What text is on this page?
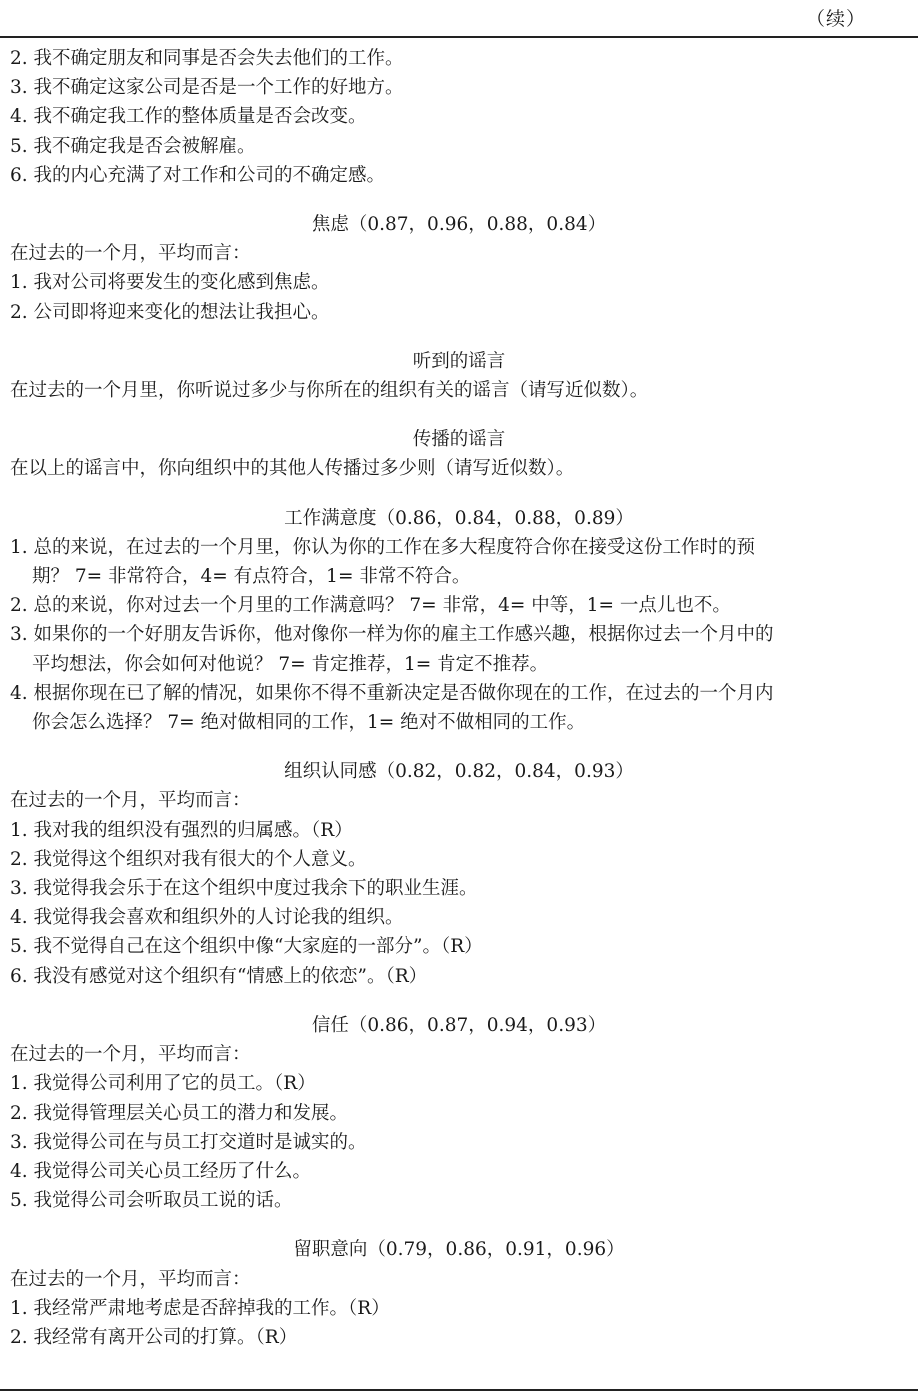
（续）
2. 我不确定朋友和同事是否会失去他们的工作。
3. 我不确定这家公司是否是一个工作的好地方。
4. 我不确定我工作的整体质量是否会改变。
5. 我不确定我是否会被解雇。
6. 我的内心充满了对工作和公司的不确定感。
焦虑（0.87，0.96，0.88，0.84）
在过去的一个月，平均而言：
1. 我对公司将要发生的变化感到焦虑。
2. 公司即将迎来变化的想法让我担心。
听到的谣言
在过去的一个月里，你听说过多少与你所在的组织有关的谣言（请写近似数）。
传播的谣言
在以上的谣言中，你向组织中的其他人传播过多少则（请写近似数）。
工作满意度（0.86，0.84，0.88，0.89）
1. 总的来说，在过去的一个月里，你认为你的工作在多大程度符合你在接受这份工作时的预
期？ 7= 非常符合，4= 有点符合，1= 非常不符合。
2. 总的来说，你对过去一个月里的工作满意吗？ 7= 非常，4= 中等，1= 一点儿也不。
3. 如果你的一个好朋友告诉你，他对像你一样为你的雇主工作感兴趣，根据你过去一个月中的
平均想法，你会如何对他说？ 7= 肯定推荐，1= 肯定不推荐。
4. 根据你现在已了解的情况，如果你不得不重新决定是否做你现在的工作，在过去的一个月内
你会怎么选择？ 7= 绝对做相同的工作，1= 绝对不做相同的工作。
组织认同感（0.82，0.82，0.84，0.93）
在过去的一个月，平均而言：
1. 我对我的组织没有强烈的归属感。（R）
2. 我觉得这个组织对我有很大的个人意义。
3. 我觉得我会乐于在这个组织中度过我余下的职业生涯。
4. 我觉得我会喜欢和组织外的人讨论我的组织。
5. 我不觉得自己在这个组织中像“大家庭的一部分”。（R）
6. 我没有感觉对这个组织有“情感上的依恋”。（R）
信任（0.86，0.87，0.94，0.93）
在过去的一个月，平均而言：
1. 我觉得公司利用了它的员工。（R）
2. 我觉得管理层关心员工的潜力和发展。
3. 我觉得公司在与员工打交道时是诚实的。
4. 我觉得公司关心员工经历了什么。
5. 我觉得公司会听取员工说的话。
留职意向（0.79，0.86，0.91，0.96）
在过去的一个月，平均而言：
1. 我经常严肃地考虑是否辞掉我的工作。（R）
2. 我经常有离开公司的打算。（R）
